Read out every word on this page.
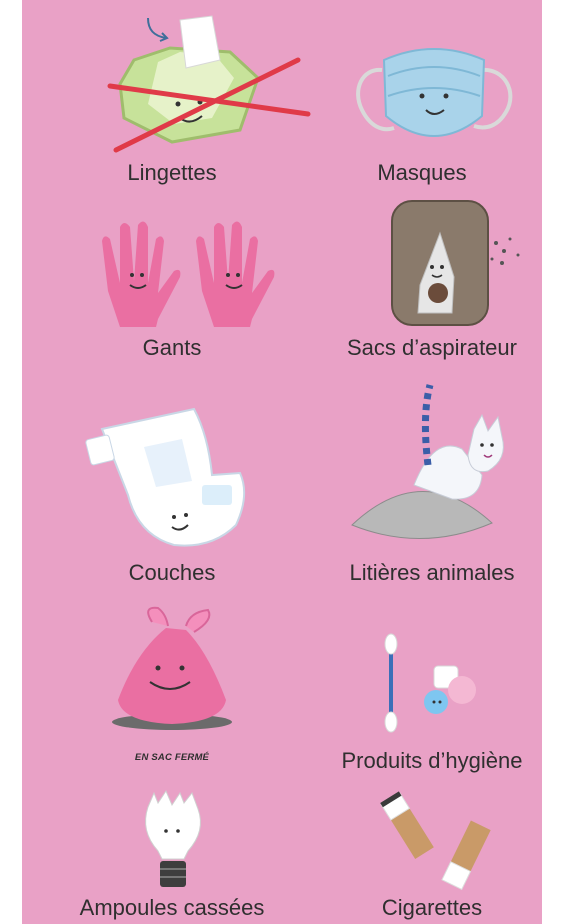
Lingettes	Masques
Gants	Sacs d’aspirateur
Couches	Litières animales
EN SAC FERMÉ	Produits d’hygiène
Ampoules cassées	Cigarettes
